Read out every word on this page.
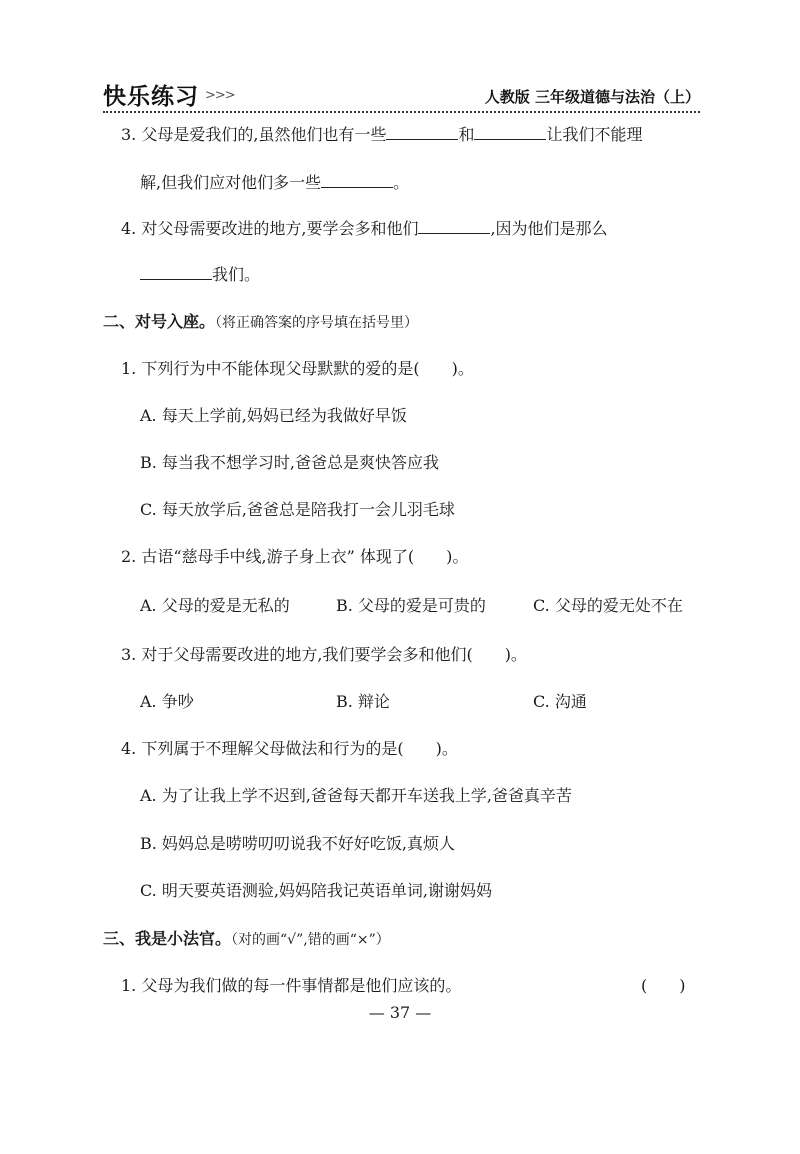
快乐练习 >>>	人教版 三年级道德与法治（上）
3. 父母是爱我们的,虽然他们也有一些	和	让我们不能理
解,但我们应对他们多一些	。
4. 对父母需要改进的地方,要学会多和他们	,因为他们是那么
我们。
二、对号入座。（将正确答案的序号填在括号里）
1. 下列行为中不能体现父母默默的爱的是(　　)。
A. 每天上学前,妈妈已经为我做好早饭
B. 每当我不想学习时,爸爸总是爽快答应我
C. 每天放学后,爸爸总是陪我打一会儿羽毛球
2. 古语“慈母手中线,游子身上衣” 体现了(　　)。
A. 父母的爱是无私的	B. 父母的爱是可贵的	C. 父母的爱无处不在
3. 对于父母需要改进的地方,我们要学会多和他们(　　)。
A. 争吵	B. 辩论	C. 沟通
4. 下列属于不理解父母做法和行为的是(　　)。
A. 为了让我上学不迟到,爸爸每天都开车送我上学,爸爸真辛苦
B. 妈妈总是唠唠叨叨说我不好好吃饭,真烦人
C. 明天要英语测验,妈妈陪我记英语单词,谢谢妈妈
三、我是小法官。（对的画“√”,错的画“×”）
1. 父母为我们做的每一件事情都是他们应该的。	(　　)
— 37 —
